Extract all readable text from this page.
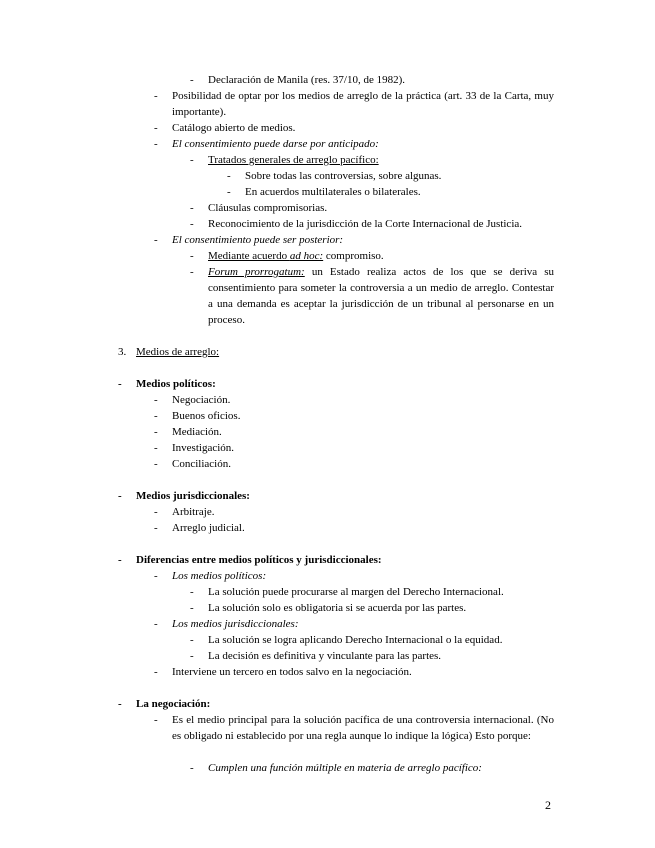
- Declaración de Manila (res. 37/10, de 1982).
- Posibilidad de optar por los medios de arreglo de la práctica (art. 33 de la Carta, muy importante).
- Catálogo abierto de medios.
- El consentimiento puede darse por anticipado:
- Tratados generales de arreglo pacífico:
- Sobre todas las controversias, sobre algunas.
- En acuerdos multilaterales o bilaterales.
- Cláusulas compromisorias.
- Reconocimiento de la jurisdicción de la Corte Internacional de Justicia.
- El consentimiento puede ser posterior:
- Mediante acuerdo ad hoc: compromiso.
- Forum prorrogatum: un Estado realiza actos de los que se deriva su consentimiento para someter la controversia a un medio de arreglo. Contestar a una demanda es aceptar la jurisdicción de un tribunal al personarse en un proceso.
3. Medios de arreglo:
- Medios políticos:
- Negociación.
- Buenos oficios.
- Mediación.
- Investigación.
- Conciliación.
- Medios jurisdiccionales:
- Arbitraje.
- Arreglo judicial.
- Diferencias entre medios políticos y jurisdiccionales:
- Los medios políticos:
- La solución puede procurarse al margen del Derecho Internacional.
- La solución solo es obligatoria si se acuerda por las partes.
- Los medios jurisdiccionales:
- La solución se logra aplicando Derecho Internacional o la equidad.
- La decisión es definitiva y vinculante para las partes.
- Interviene un tercero en todos salvo en la negociación.
- La negociación:
- Es el medio principal para la solución pacífica de una controversia internacional. (No es obligado ni establecido por una regla aunque lo indique la lógica) Esto porque:
- Cumplen una función múltiple en materia de arreglo pacífico:
2
